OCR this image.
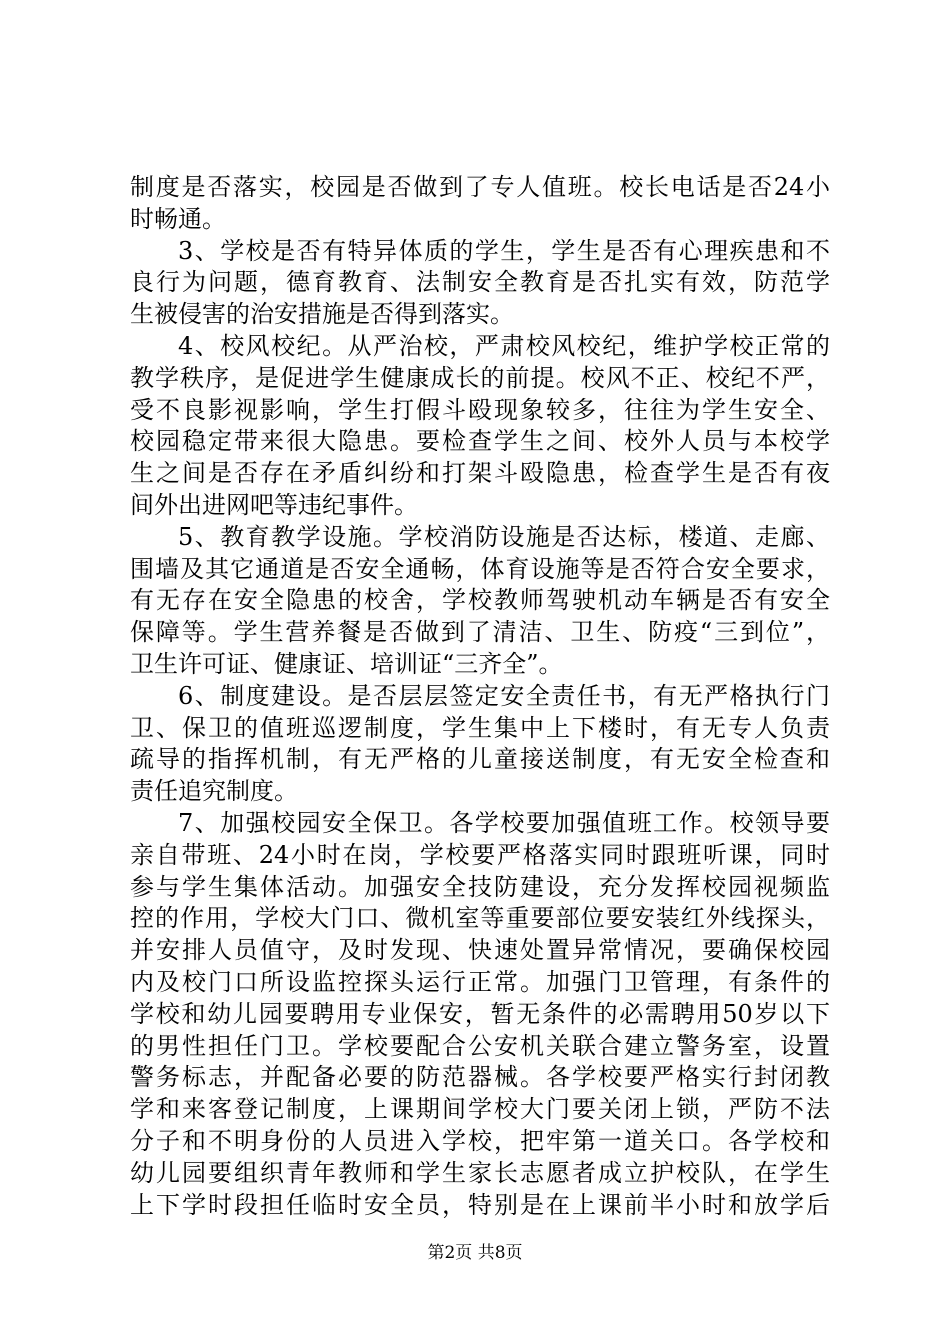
制度是否落实，校园是否做到了专人值班。校长电话是否24小
时畅通。
3、学校是否有特异体质的学生，学生是否有心理疾患和不
良行为问题，德育教育、法制安全教育是否扎实有效，防范学
生被侵害的治安措施是否得到落实。
4、校风校纪。从严治校，严肃校风校纪，维护学校正常的
教学秩序，是促进学生健康成长的前提。校风不正、校纪不严，
受不良影视影响，学生打假斗殴现象较多，往往为学生安全、
校园稳定带来很大隐患。要检查学生之间、校外人员与本校学
生之间是否存在矛盾纠纷和打架斗殴隐患，检查学生是否有夜
间外出进网吧等违纪事件。
5、教育教学设施。学校消防设施是否达标，楼道、走廊、
围墙及其它通道是否安全通畅，体育设施等是否符合安全要求，
有无存在安全隐患的校舍，学校教师驾驶机动车辆是否有安全
保障等。学生营养餐是否做到了清洁、卫生、防疫“三到位”，
卫生许可证、健康证、培训证“三齐全”。
6、制度建设。是否层层签定安全责任书，有无严格执行门
卫、保卫的值班巡逻制度，学生集中上下楼时，有无专人负责
疏导的指挥机制，有无严格的儿童接送制度，有无安全检查和
责任追究制度。
7、加强校园安全保卫。各学校要加强值班工作。校领导要
亲自带班、24小时在岗，学校要严格落实同时跟班听课，同时
参与学生集体活动。加强安全技防建设，充分发挥校园视频监
控的作用，学校大门口、微机室等重要部位要安装红外线探头，
并安排人员值守，及时发现、快速处置异常情况，要确保校园
内及校门口所设监控探头运行正常。加强门卫管理，有条件的
学校和幼儿园要聘用专业保安，暂无条件的必需聘用50岁以下
的男性担任门卫。学校要配合公安机关联合建立警务室，设置
警务标志，并配备必要的防范器械。各学校要严格实行封闭教
学和来客登记制度，上课期间学校大门要关闭上锁，严防不法
分子和不明身份的人员进入学校，把牢第一道关口。各学校和
幼儿园要组织青年教师和学生家长志愿者成立护校队，在学生
上下学时段担任临时安全员，特别是在上课前半小时和放学后
第2页 共8页
